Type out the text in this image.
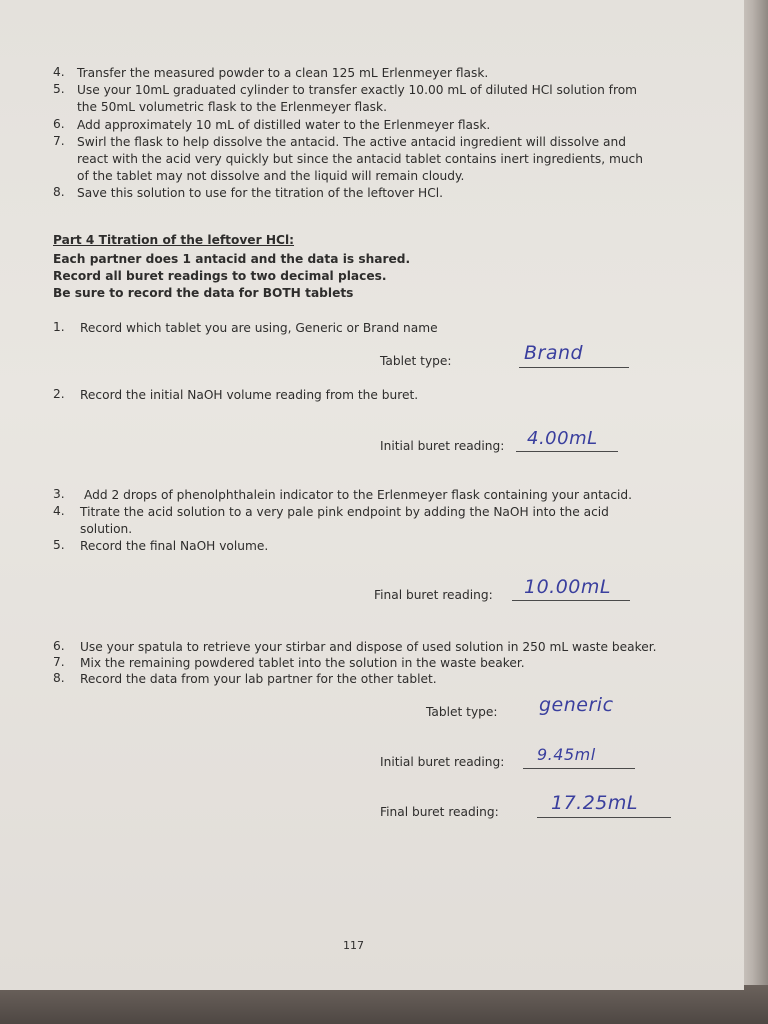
4. Transfer the measured powder to a clean 125 mL Erlenmeyer flask.
5. Use your 10mL graduated cylinder to transfer exactly 10.00 mL of diluted HCl solution from
the 50mL volumetric flask to the Erlenmeyer flask.
6. Add approximately 10 mL of distilled water to the Erlenmeyer flask.
7. Swirl the flask to help dissolve the antacid. The active antacid ingredient will dissolve and
react with the acid very quickly but since the antacid tablet contains inert ingredients, much
of the tablet may not dissolve and the liquid will remain cloudy.
8. Save this solution to use for the titration of the leftover HCl.
Part 4 Titration of the leftover HCl:
Each partner does 1 antacid and the data is shared.
Record all buret readings to two decimal places.
Be sure to record the data for BOTH tablets
1. Record which tablet you are using, Generic or Brand name
Tablet type:	Brand
2. Record the initial NaOH volume reading from the buret.
Initial buret reading: 4.00mL
3. Add 2 drops of phenolphthalein indicator to the Erlenmeyer flask containing your antacid.
4. Titrate the acid solution to a very pale pink endpoint by adding the NaOH into the acid
solution.
5. Record the final NaOH volume.
Final buret reading: 10.00mL
6. Use your spatula to retrieve your stirbar and dispose of used solution in 250 mL waste beaker.
7. Mix the remaining powdered tablet into the solution in the waste beaker.
8. Record the data from your lab partner for the other tablet.
Tablet type: generic
Initial buret reading: 9.45ml
Final buret reading:	17.25mL
117
